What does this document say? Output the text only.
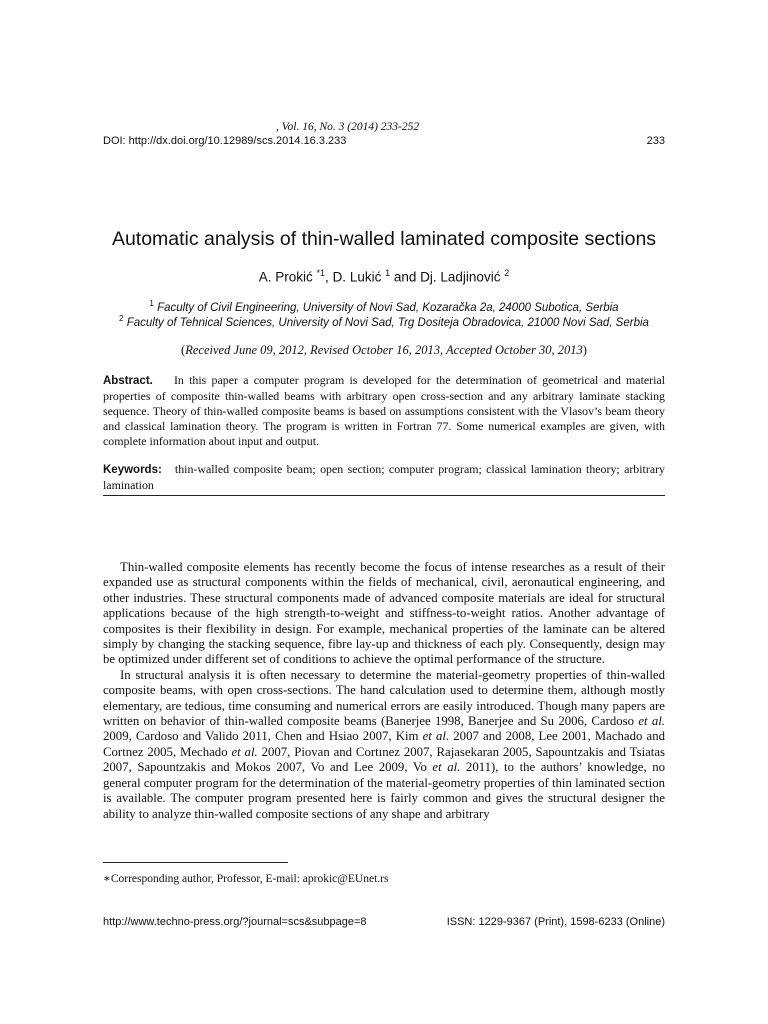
, Vol. 16, No. 3 (2014) 233-252
DOI: http://dx.doi.org/10.12989/scs.2014.16.3.233	233
Automatic analysis of thin-walled laminated composite sections
A. Prokić $^{*1}$, D. Lukić $^1$ and Dj. Ladjinović $^2$
$^1$ Faculty of Civil Engineering, University of Novi Sad, Kozaračka 2a, 24000 Subotica, Serbia
$^2$ Faculty of Tehnical Sciences, University of Novi Sad, Trg Dositeja Obradovica, 21000 Novi Sad, Serbia
(Received June 09, 2012, Revised October 16, 2013, Accepted October 30, 2013)
Abstract. In this paper a computer program is developed for the determination of geometrical and material properties of composite thin-walled beams with arbitrary open cross-section and any arbitrary laminate stacking sequence. Theory of thin-walled composite beams is based on assumptions consistent with the Vlasov’s beam theory and classical lamination theory. The program is written in Fortran 77. Some numerical examples are given, with complete information about input and output.
Keywords: thin-walled composite beam; open section; computer program; classical lamination theory; arbitrary lamination

Thin-walled composite elements has recently become the focus of intense researches as a result of their expanded use as structural components within the fields of mechanical, civil, aeronautical engineering, and other industries. These structural components made of advanced composite materials are ideal for structural applications because of the high strength-to-weight and stiffness-to-weight ratios. Another advantage of composites is their flexibility in design. For example, mechanical properties of the laminate can be altered simply by changing the stacking sequence, fibre lay-up and thickness of each ply. Consequently, design may be optimized under different set of conditions to achieve the optimal performance of the structure.

In structural analysis it is often necessary to determine the material-geometry properties of thin-walled composite beams, with open cross-sections. The hand calculation used to determine them, although mostly elementary, are tedious, time consuming and numerical errors are easily introduced. Though many papers are written on behavior of thin-walled composite beams (Banerjee 1998, Banerjee and Su 2006, Cardoso et al. 2009, Cardoso and Valido 2011, Chen and Hsiao 2007, Kim et al. 2007 and 2008, Lee 2001, Machado and Cortnez 2005, Mechado et al. 2007, Piovan and Cortınez 2007, Rajasekaran 2005, Sapountzakis and Tsiatas 2007, Sapountzakis and Mokos 2007, Vo and Lee 2009, Vo et al. 2011), to the authors’ knowledge, no general computer program for the determination of the material-geometry properties of thin laminated section is available. The computer program presented here is fairly common and gives the structural designer the ability to analyze thin-walled composite sections of any shape and arbitrary

∗Corresponding author, Professor, E-mail: aprokic@EUnet.rs
http://www.techno-press.org/?journal=scs&subpage=8	ISSN: 1229-9367 (Print), 1598-6233 (Online)
